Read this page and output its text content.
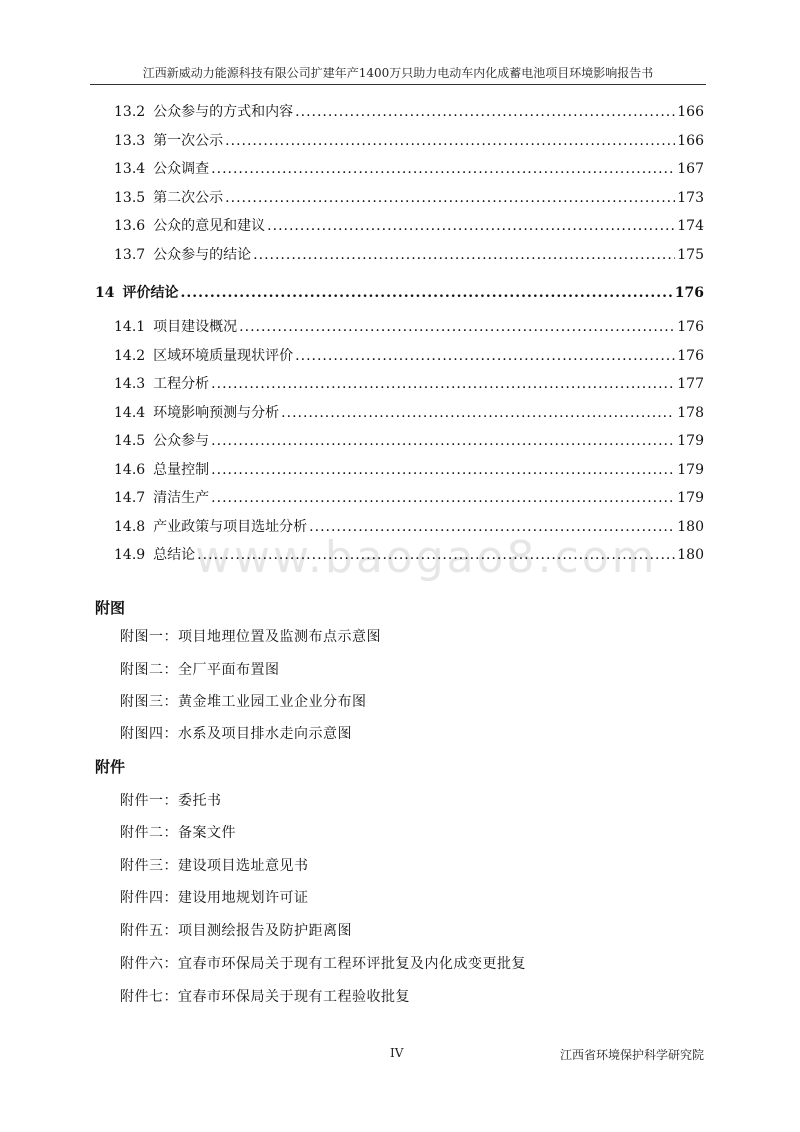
江西新威动力能源科技有限公司扩建年产1400万只助力电动车内化成蓄电池项目环境影响报告书
www.baogao8.com
13.2 公众参与的方式和内容 .....	166
13.3 第一次公示 .....	166
13.4 公众调查 .....	167
13.5 第二次公示 .....	173
13.6 公众的意见和建议 .....	174
13.7 公众参与的结论 .....	175
14 评价结论 .....	176
14.1 项目建设概况 .....	176
14.2 区域环境质量现状评价 .....	176
14.3 工程分析 .....	177
14.4 环境影响预测与分析 .....	178
14.5 公众参与 .....	179
14.6 总量控制 .....	179
14.7 清洁生产 .....	179
14.8 产业政策与项目选址分析 .....	180
14.9 总结论 .....	180
附图
附图一：项目地理位置及监测布点示意图
附图二：全厂平面布置图
附图三：黄金堆工业园工业企业分布图
附图四：水系及项目排水走向示意图
附件
附件一：委托书
附件二：备案文件
附件三：建设项目选址意见书
附件四：建设用地规划许可证
附件五：项目测绘报告及防护距离图
附件六：宜春市环保局关于现有工程环评批复及内化成变更批复
附件七：宜春市环保局关于现有工程验收批复
IV	江西省环境保护科学研究院
